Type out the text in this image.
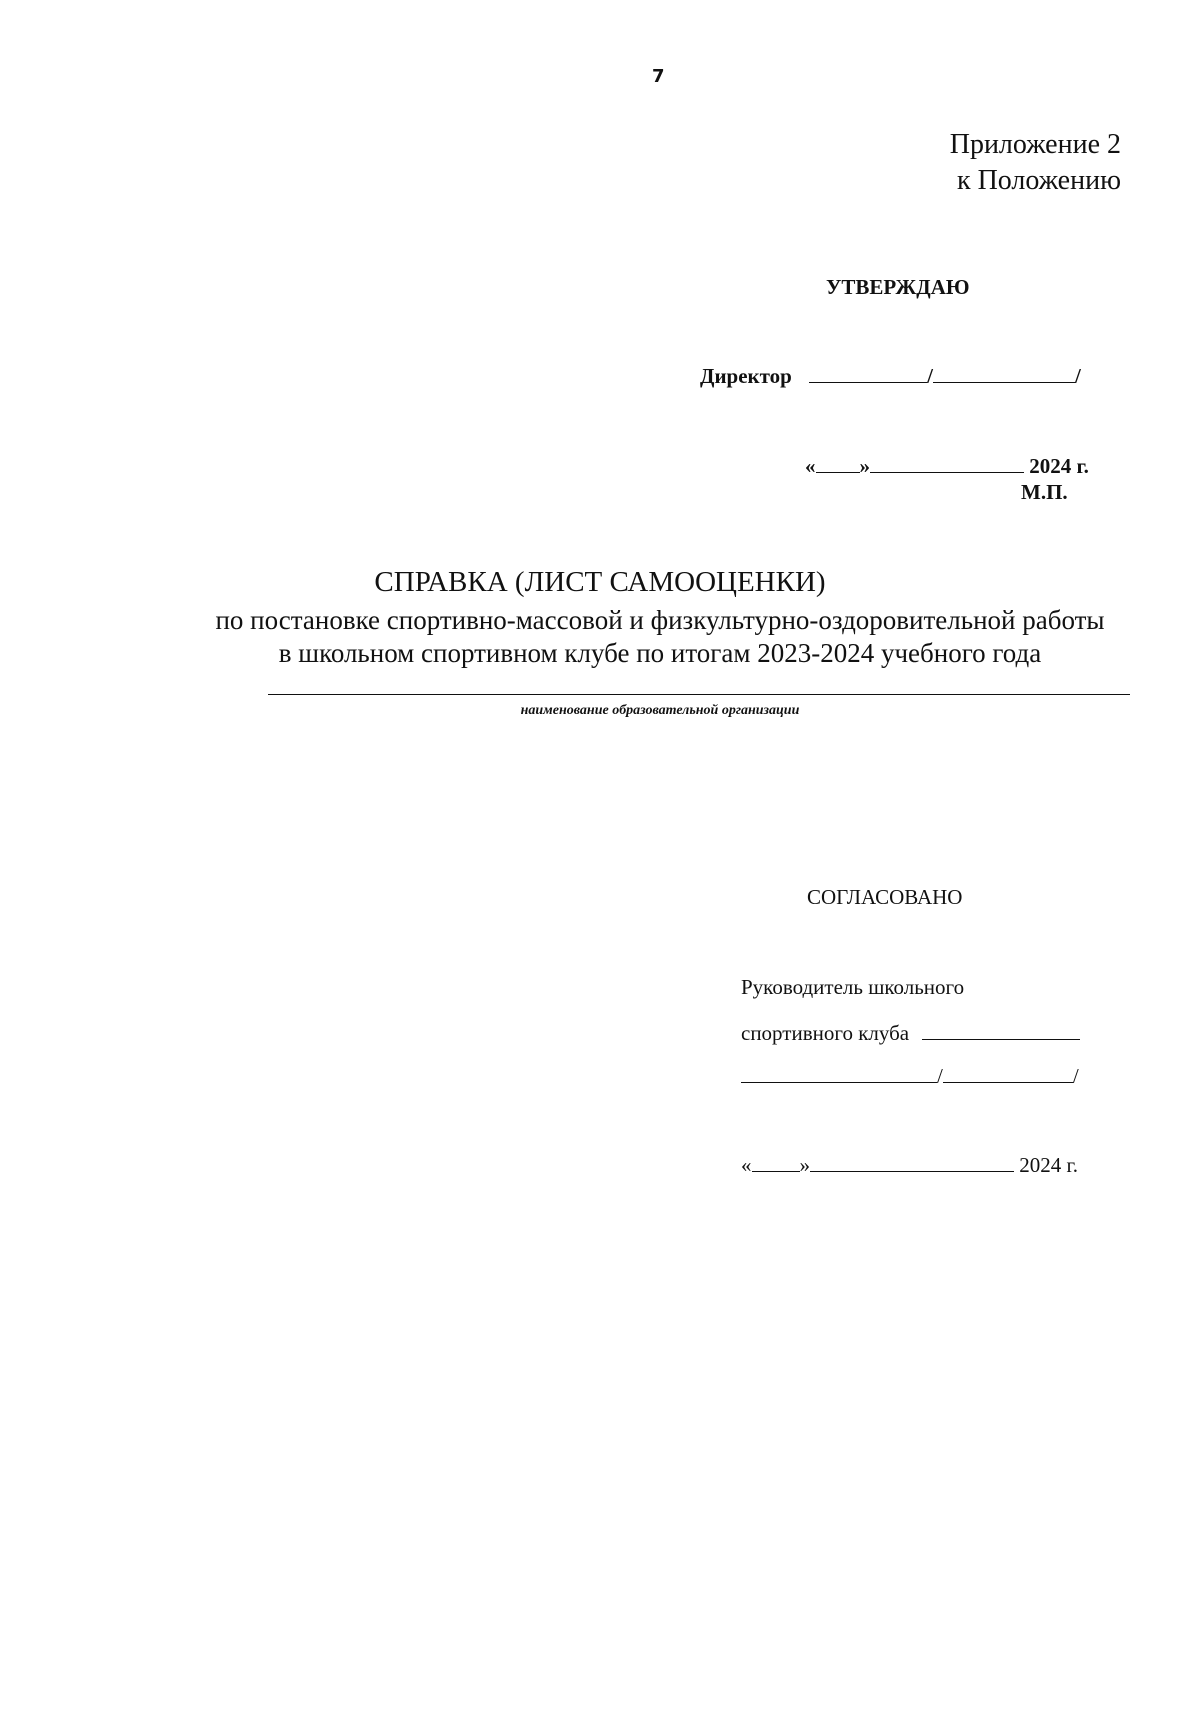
7
Приложение 2
к Положению
УТВЕРЖДАЮ
Директор	/	/
« »	2024 г.
М.П.
СПРАВКА (ЛИСТ САМООЦЕНКИ)
по постановке спортивно-массовой и физкультурно-оздоровительной работы
в школьном спортивном клубе по итогам 2023-2024 учебного года
наименование образовательной организации
СОГЛАСОВАНО
Руководитель школьного
спортивного клуба
/	/
« »	2024 г.
